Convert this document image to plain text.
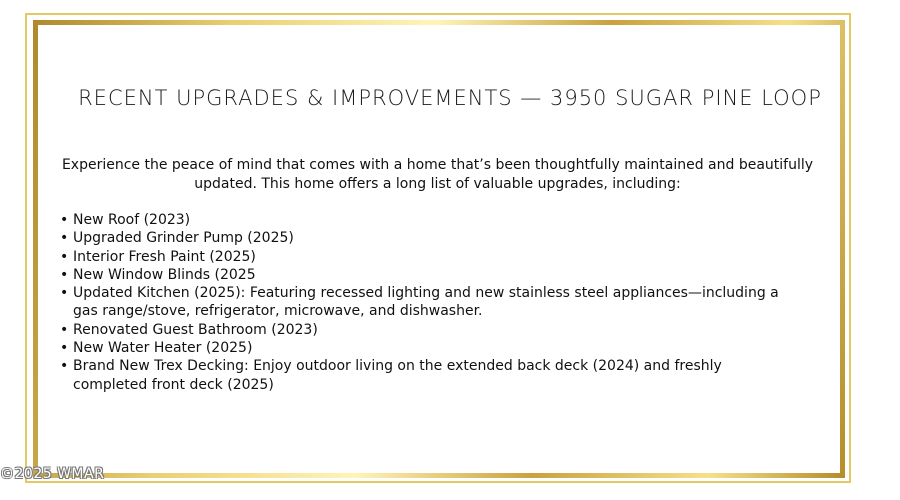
RECENT UPGRADES & IMPROVEMENTS — 3950 SUGAR PINE LOOP
Experience the peace of mind that comes with a home that’s been thoughtfully maintained and beautifully updated. This home offers a long list of valuable upgrades, including:
• New Roof (2023)
• Upgraded Grinder Pump (2025)
• Interior Fresh Paint (2025)
• New Window Blinds (2025
• Updated Kitchen (2025): Featuring recessed lighting and new stainless steel appliances—including a gas range/stove, refrigerator, microwave, and dishwasher.
• Renovated Guest Bathroom (2023)
• New Water Heater (2025)
• Brand New Trex Decking: Enjoy outdoor living on the extended back deck (2024) and freshly completed front deck (2025)
©2025 WMAR
